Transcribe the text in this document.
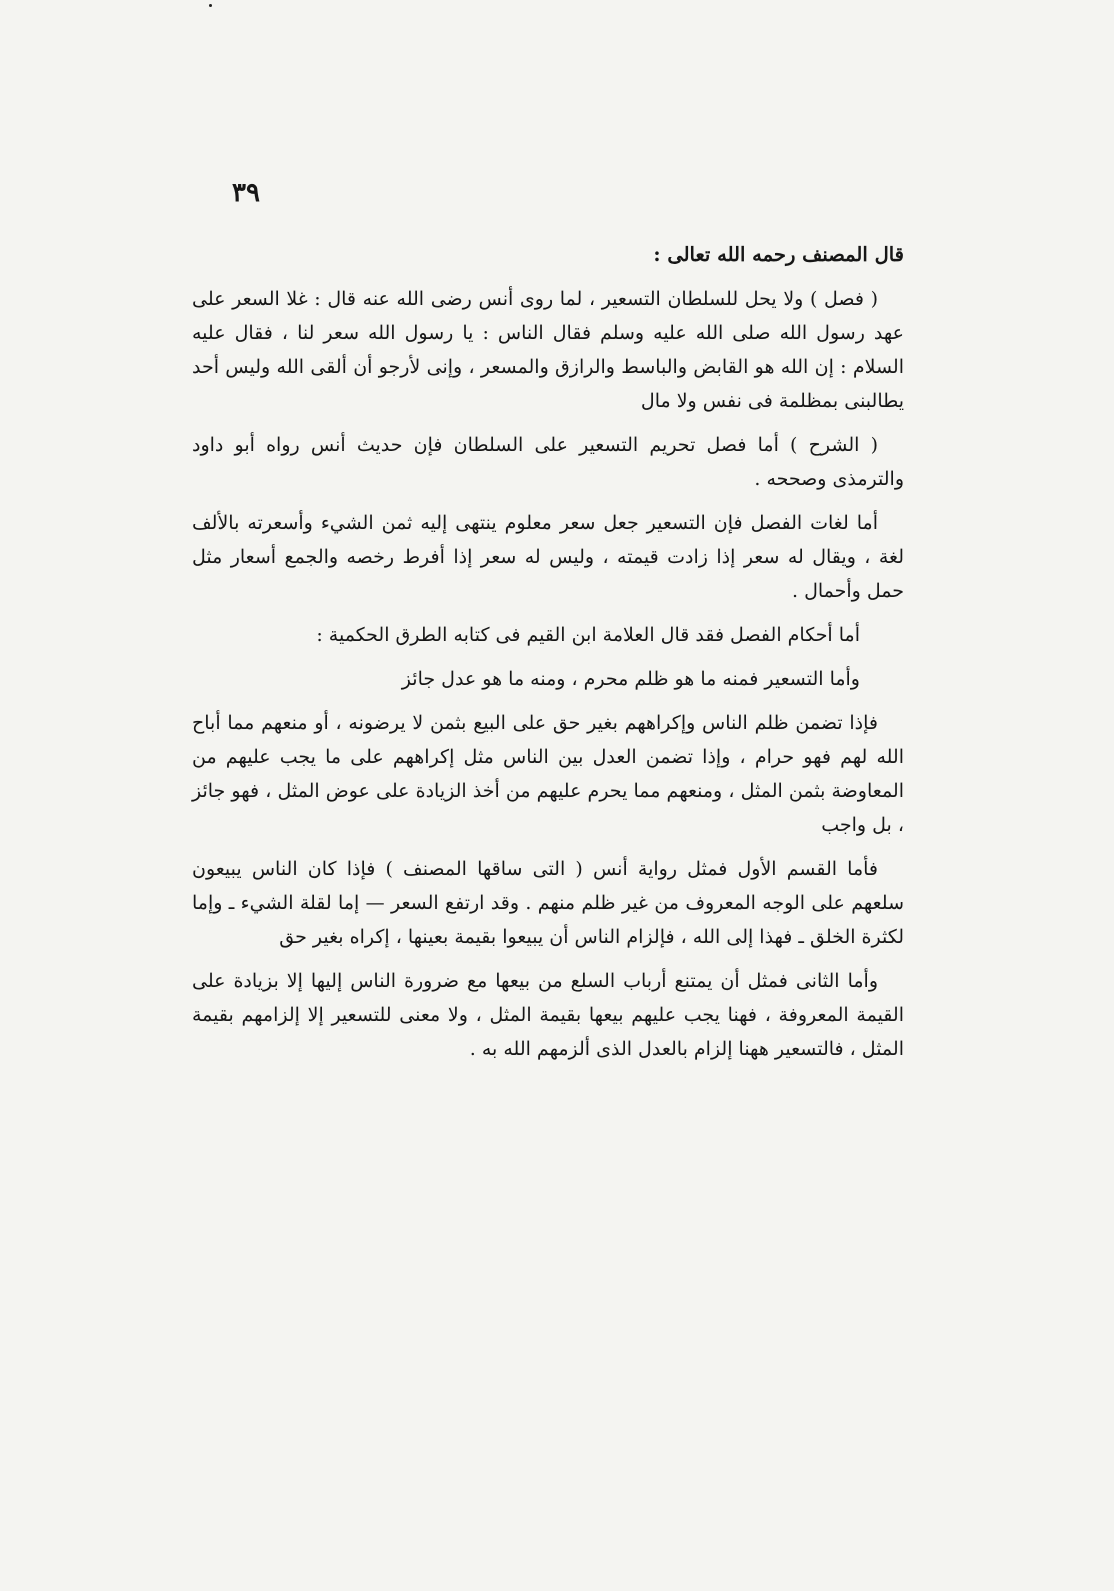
٣٩

قال المصنف رحمه الله تعالى :

( فصل ) ولا يحل للسلطان التسعير ، لما روى أنس رضى الله عنه قال : غلا السعر على عهد رسول الله صلى الله عليه وسلم فقال الناس : يا رسول الله سعر لنا ، فقال عليه السلام : إن الله هو القابض والباسط والرازق والمسعر ، وإنى لأرجو أن ألقى الله وليس أحد يطالبنى بمظلمة فى نفس ولا مال

( الشرح ) أما فصل تحريم التسعير على السلطان فإن حديث أنس رواه أبو داود والترمذى وصححه .

أما لغات الفصل فإن التسعير جعل سعر معلوم ينتهى إليه ثمن الشيء وأسعرته بالألف لغة ، ويقال له سعر إذا زادت قيمته ، وليس له سعر إذا أفرط رخصه والجمع أسعار مثل حمل وأحمال .

أما أحكام الفصل فقد قال العلامة ابن القيم فى كتابه الطرق الحكمية :

وأما التسعير فمنه ما هو ظلم محرم ، ومنه ما هو عدل جائز

فإذا تضمن ظلم الناس وإكراههم بغير حق على البيع بثمن لا يرضونه ، أو منعهم مما أباح الله لهم فهو حرام ، وإذا تضمن العدل بين الناس مثل إكراههم على ما يجب عليهم من المعاوضة بثمن المثل ، ومنعهم مما يحرم عليهم من أخذ الزيادة على عوض المثل ، فهو جائز ، بل واجب

فأما القسم الأول فمثل رواية أنس ( التى ساقها المصنف ) فإذا كان الناس يبيعون سلعهم على الوجه المعروف من غير ظلم منهم . وقد ارتفع السعر — إما لقلة الشيء ـ وإما لكثرة الخلق ـ فهذا إلى الله ، فإلزام الناس أن يبيعوا بقيمة بعينها ، إكراه بغير حق

وأما الثانى فمثل أن يمتنع أرباب السلع من بيعها مع ضرورة الناس إليها إلا بزيادة على القيمة المعروفة ، فهنا يجب عليهم بيعها بقيمة المثل ، ولا معنى للتسعير إلا إلزامهم بقيمة المثل ، فالتسعير ههنا إلزام بالعدل الذى ألزمهم الله به .
